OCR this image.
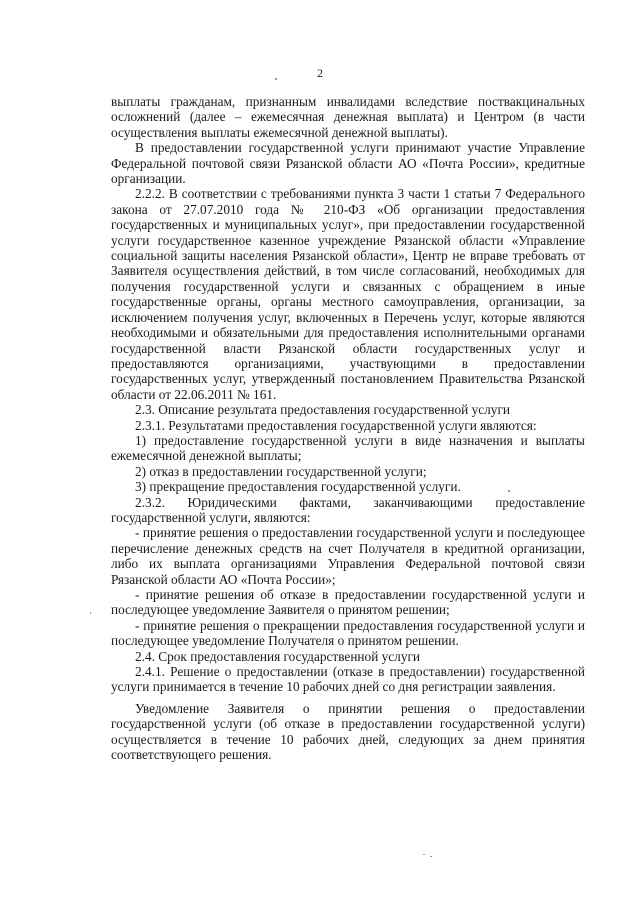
2

выплаты гражданам, признанным инвалидами вследствие поствакцинальных осложнений (далее – ежемесячная денежная выплата) и Центром (в части осуществления выплаты ежемесячной денежной выплаты).

В предоставлении государственной услуги принимают участие Управление Федеральной почтовой связи Рязанской области АО «Почта России», кредитные организации.

2.2.2. В соответствии с требованиями пункта 3 части 1 статьи 7 Федерального закона от 27.07.2010 года № 210-ФЗ «Об организации предоставления государственных и муниципальных услуг», при предоставлении государственной услуги государственное казенное учреждение Рязанской области «Управление социальной защиты населения Рязанской области», Центр не вправе требовать от Заявителя осуществления действий, в том числе согласований, необходимых для получения государственной услуги и связанных с обращением в иные государственные органы, органы местного самоуправления, организации, за исключением получения услуг, включенных в Перечень услуг, которые являются необходимыми и обязательными для предоставления исполнительными органами государственной власти Рязанской области государственных услуг и предоставляются организациями, участвующими в предоставлении государственных услуг, утвержденный постановлением Правительства Рязанской области от 22.06.2011 № 161.

2.3. Описание результата предоставления государственной услуги

2.3.1. Результатами предоставления государственной услуги являются:

1) предоставление государственной услуги в виде назначения и выплаты ежемесячной денежной выплаты;

2) отказ в предоставлении государственной услуги;

3) прекращение предоставления государственной услуги.

2.3.2. Юридическими фактами, заканчивающими предоставление государственной услуги, являются:

- принятие решения о предоставлении государственной услуги и последующее перечисление денежных средств на счет Получателя в кредитной организации, либо их выплата организациями Управления Федеральной почтовой связи Рязанской области АО «Почта России»;

- принятие решения об отказе в предоставлении государственной услуги и последующее уведомление Заявителя о принятом решении;

- принятие решения о прекращении предоставления государственной услуги и последующее уведомление Получателя о принятом решении.

2.4. Срок предоставления государственной услуги

2.4.1. Решение о предоставлении (отказе в предоставлении) государственной услуги принимается в течение 10 рабочих дней со дня регистрации заявления.

Уведомление Заявителя о принятии решения о предоставлении государственной услуги (об отказе в предоставлении государственной услуги) осуществляется в течение 10 рабочих дней, следующих за днем принятия соответствующего решения.
